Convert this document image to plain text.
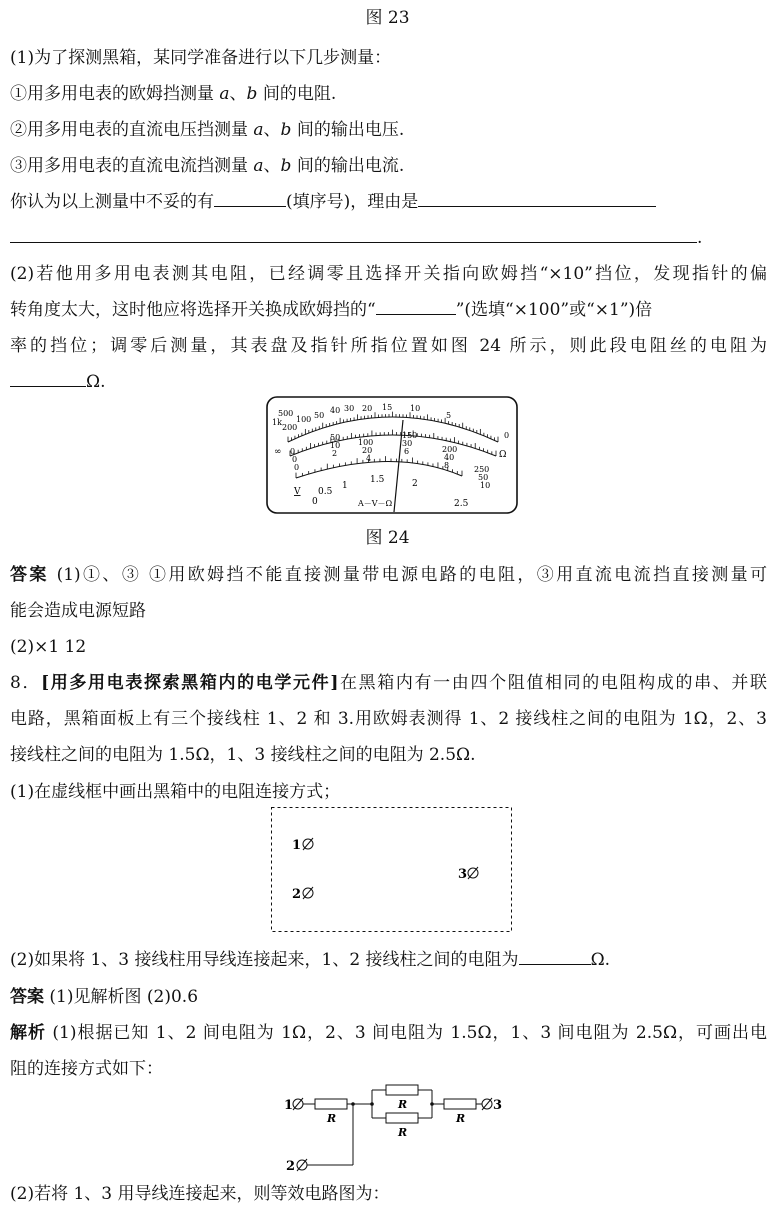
图 23
(1)为了探测黑箱，某同学准备进行以下几步测量：
①用多用电表的欧姆挡测量 a、b 间的电阻.
②用多用电表的直流电压挡测量 a、b 间的输出电压.
③用多用电表的直流电流挡测量 a、b 间的输出电流.
你认为以上测量中不妥的有	(填序号)，理由是
.
(2)若他用多用电表测其电阻，已经调零且选择开关指向欧姆挡“×10”挡位，发现指针的偏
转角度太大，这时他应将选择开关换成欧姆挡的“	”(选填“×100”或“×1”)倍
率的挡位；调零后测量，其表盘及指针所指位置如图 24 所示，则此段电阻丝的电阻为
Ω.
500
1k
200
100 50
40 30 20 15 10
5
0
∞	Ω
0
50
100
150
200
250
0
10
20
30
40
50
0
2
4
6
8
10
0
0.5
1
1.5	2
2.5
V
A－V－Ω
图 24
答案 (1)①、③ ①用欧姆挡不能直接测量带电源电路的电阻，③用直流电流挡直接测量可
能会造成电源短路
(2)×1 12
8．[用多用电表探索黑箱内的电学元件]在黑箱内有一由四个阻值相同的电阻构成的串、并联
电路，黑箱面板上有三个接线柱 1、2 和 3.用欧姆表测得 1、2 接线柱之间的电阻为 1Ω，2、3
接线柱之间的电阻为 1.5Ω，1、3 接线柱之间的电阻为 2.5Ω.
(1)在虚线框中画出黑箱中的电阻连接方式；
1
3
2
(2)如果将 1、3 接线柱用导线连接起来，1、2 接线柱之间的电阻为	Ω.
答案 (1)见解析图 (2)0.6
解析 (1)根据已知 1、2 间电阻为 1Ω，2、3 间电阻为 1.5Ω，1、3 间电阻为 2.5Ω，可画出电
阻的连接方式如下：
1	3
2
R
R
R
R
(2)若将 1、3 用导线连接起来，则等效电路图为：
